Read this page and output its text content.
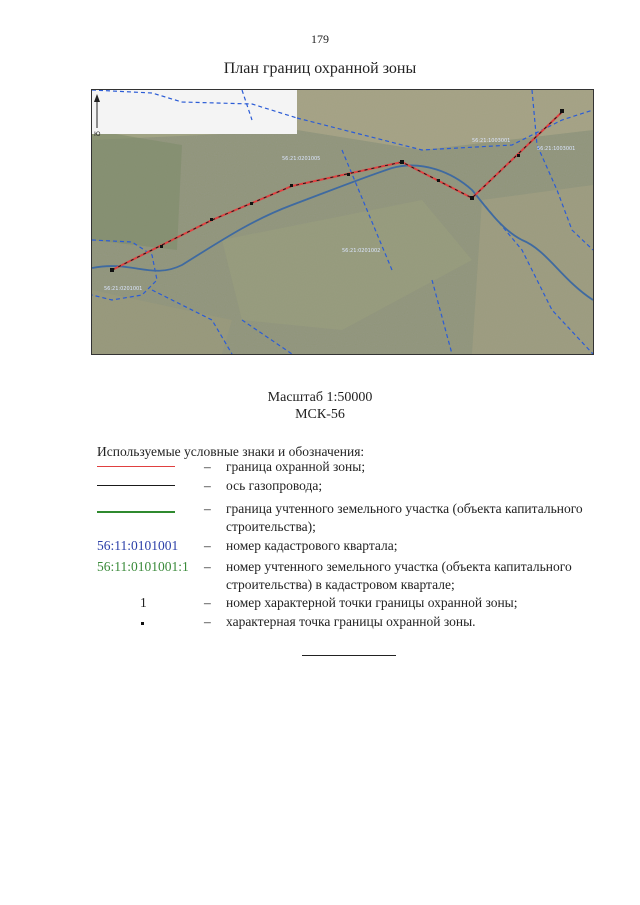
179
План границ охранной зоны
Ю
56:21:0201005
56:21:1003001
56:21:1003001
56:21:0201002
56:21:0201001
Масштаб 1:50000
МСК-56
Используемые условные знаки и обозначения:
– граница охранной зоны;
– ось газопровода;
– граница учтенного земельного участка (объекта капитального строительства);
56:11:0101001 – номер кадастрового квартала;
56:11:0101001:1	– номер учтенного земельного участка (объекта капитального строительства) в кадастровом квартале;
1	– номер характерной точки границы охранной зоны;
– характерная точка границы охранной зоны.
